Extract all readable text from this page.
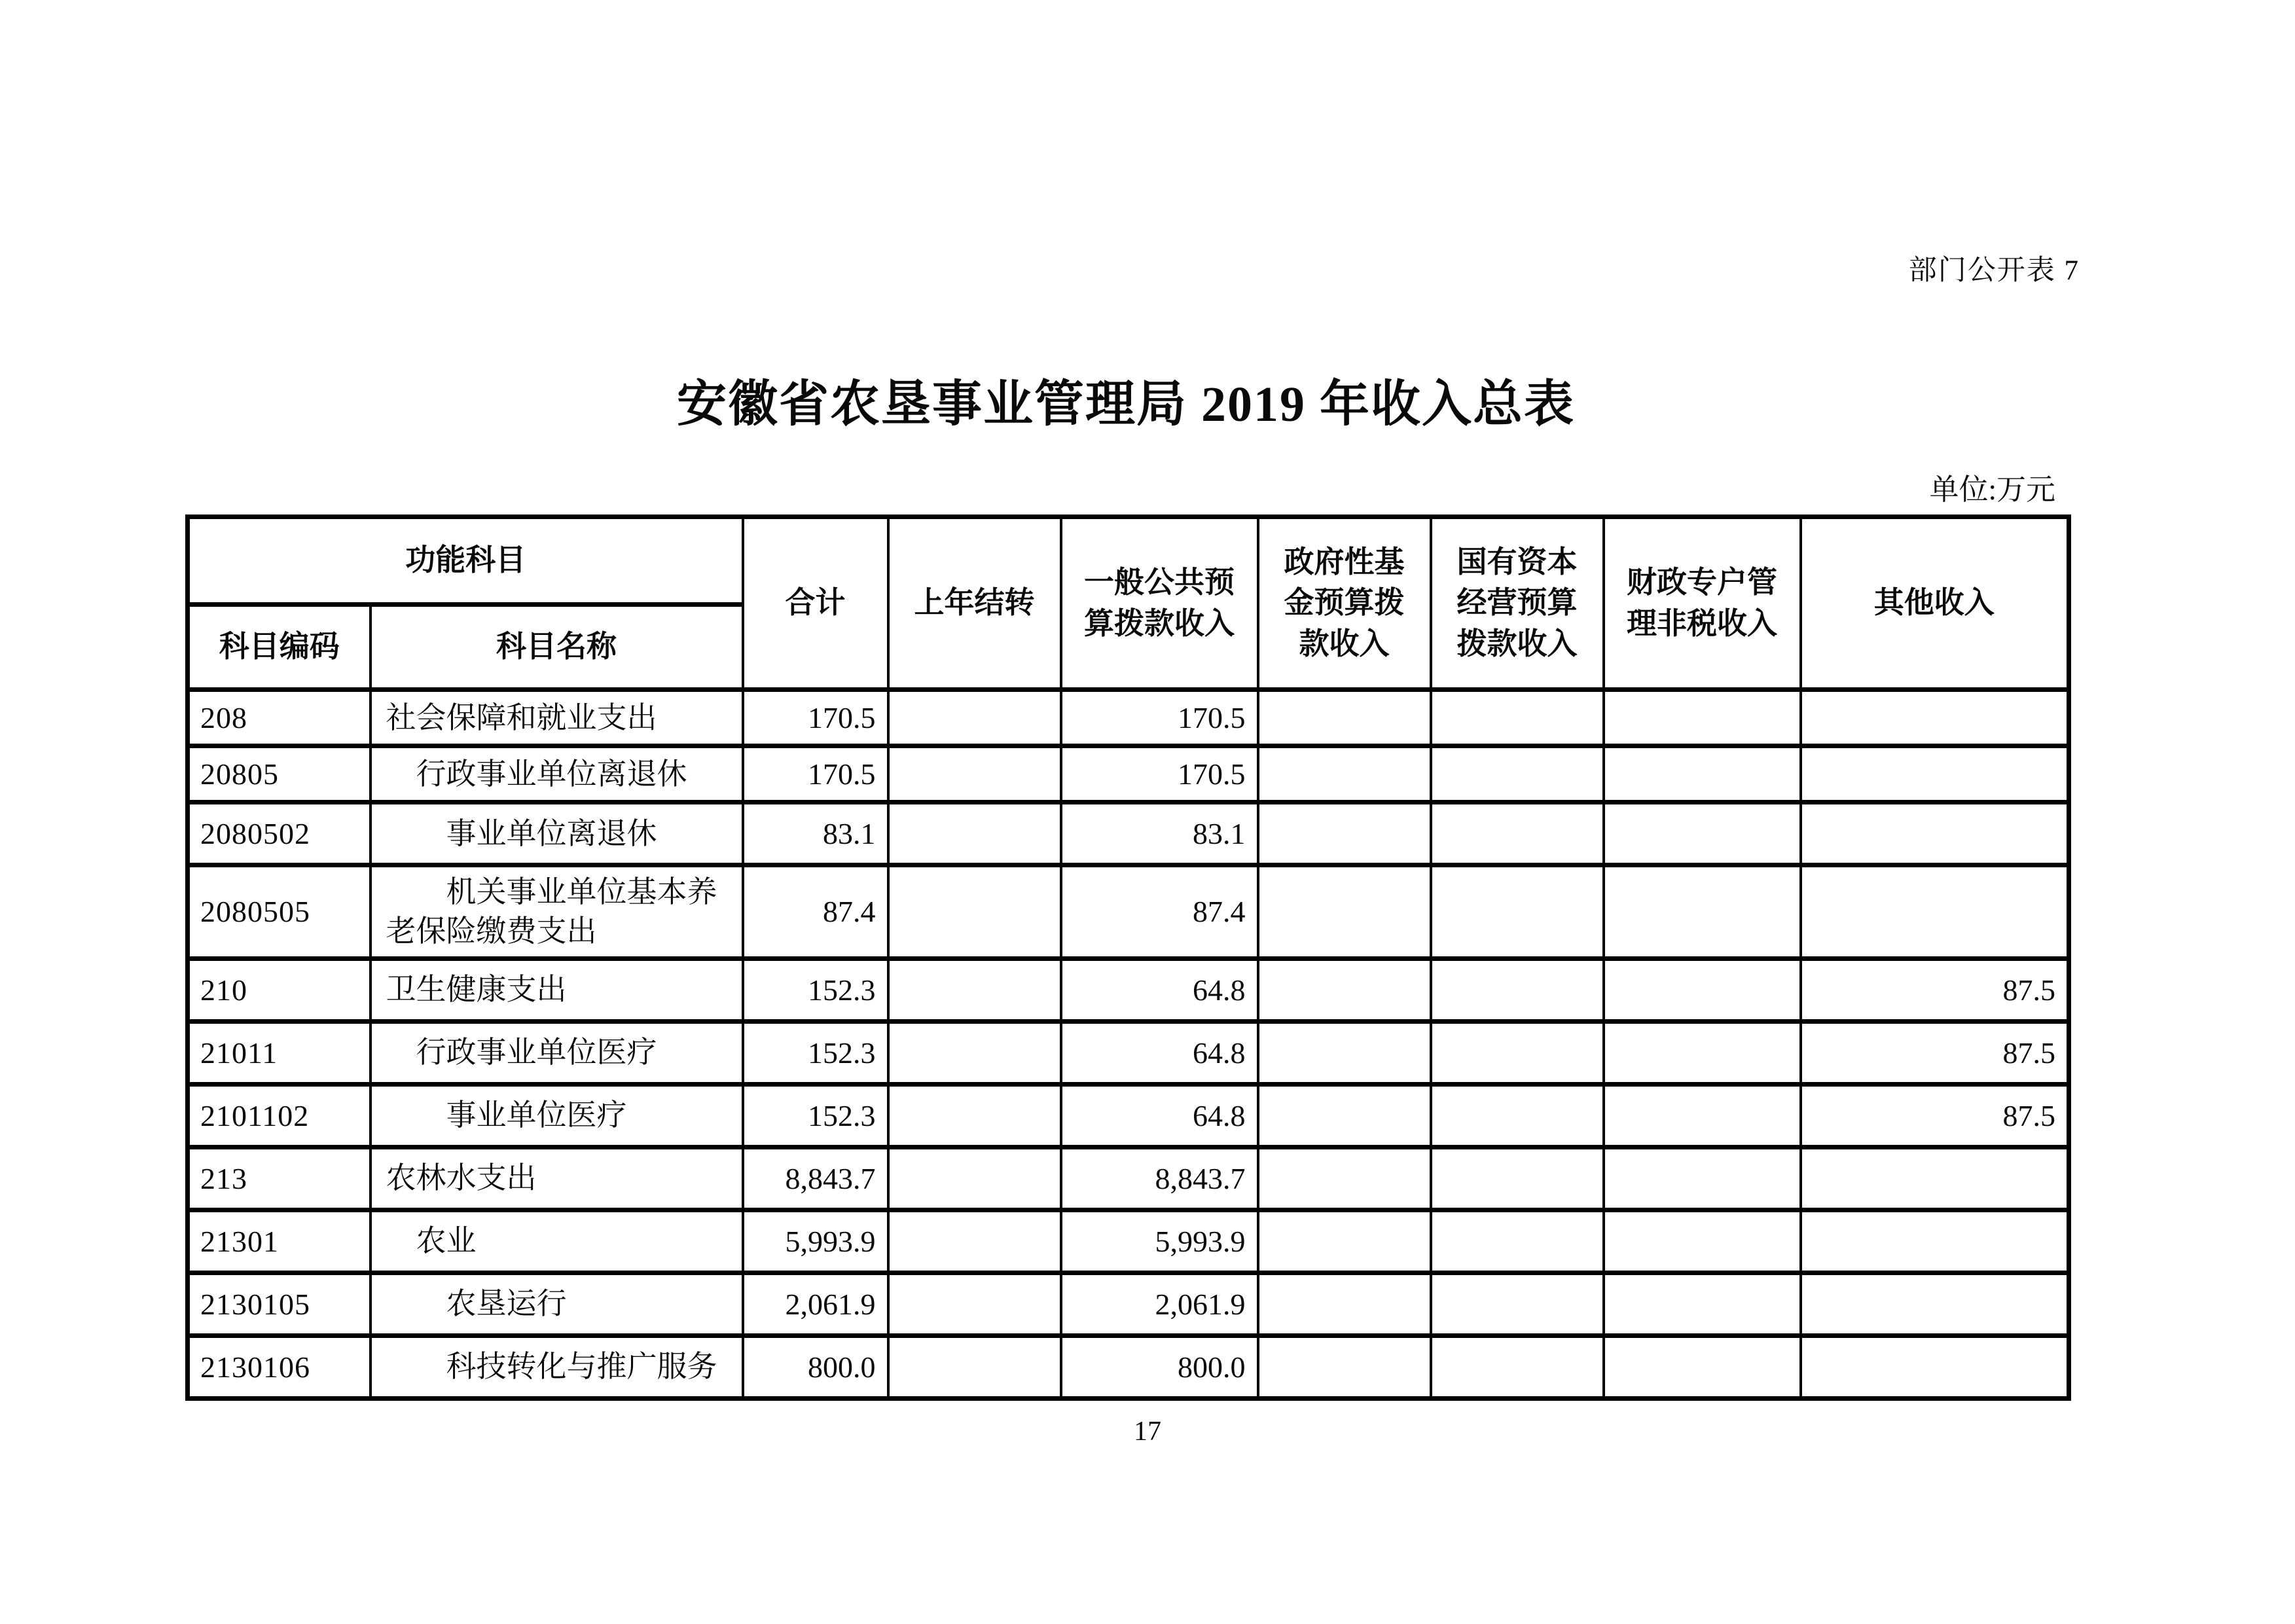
部门公开表 7
安徽省农垦事业管理局 2019 年收入总表
单位:万元
功能科目		合计	上年结转	一般公共预算拨款收入	政府性基金预算拨款收入	国有资本经营预算拨款收入	财政专户管理非税收入	其他收入
科目编码	科目名称							
208	社会保障和就业支出	170.5		170.5				
20805	行政事业单位离退休	170.5		170.5				
2080502	事业单位离退休	83.1		83.1				
2080505	机关事业单位基本养老保险缴费支出	87.4		87.4				
210	卫生健康支出	152.3		64.8				87.5
21011	行政事业单位医疗	152.3		64.8				87.5
2101102	事业单位医疗	152.3		64.8				87.5
213	农林水支出	8,843.7		8,843.7				
21301	农业	5,993.9		5,993.9				
2130105	农垦运行	2,061.9		2,061.9				
2130106	科技转化与推广服务	800.0		800.0				
17
